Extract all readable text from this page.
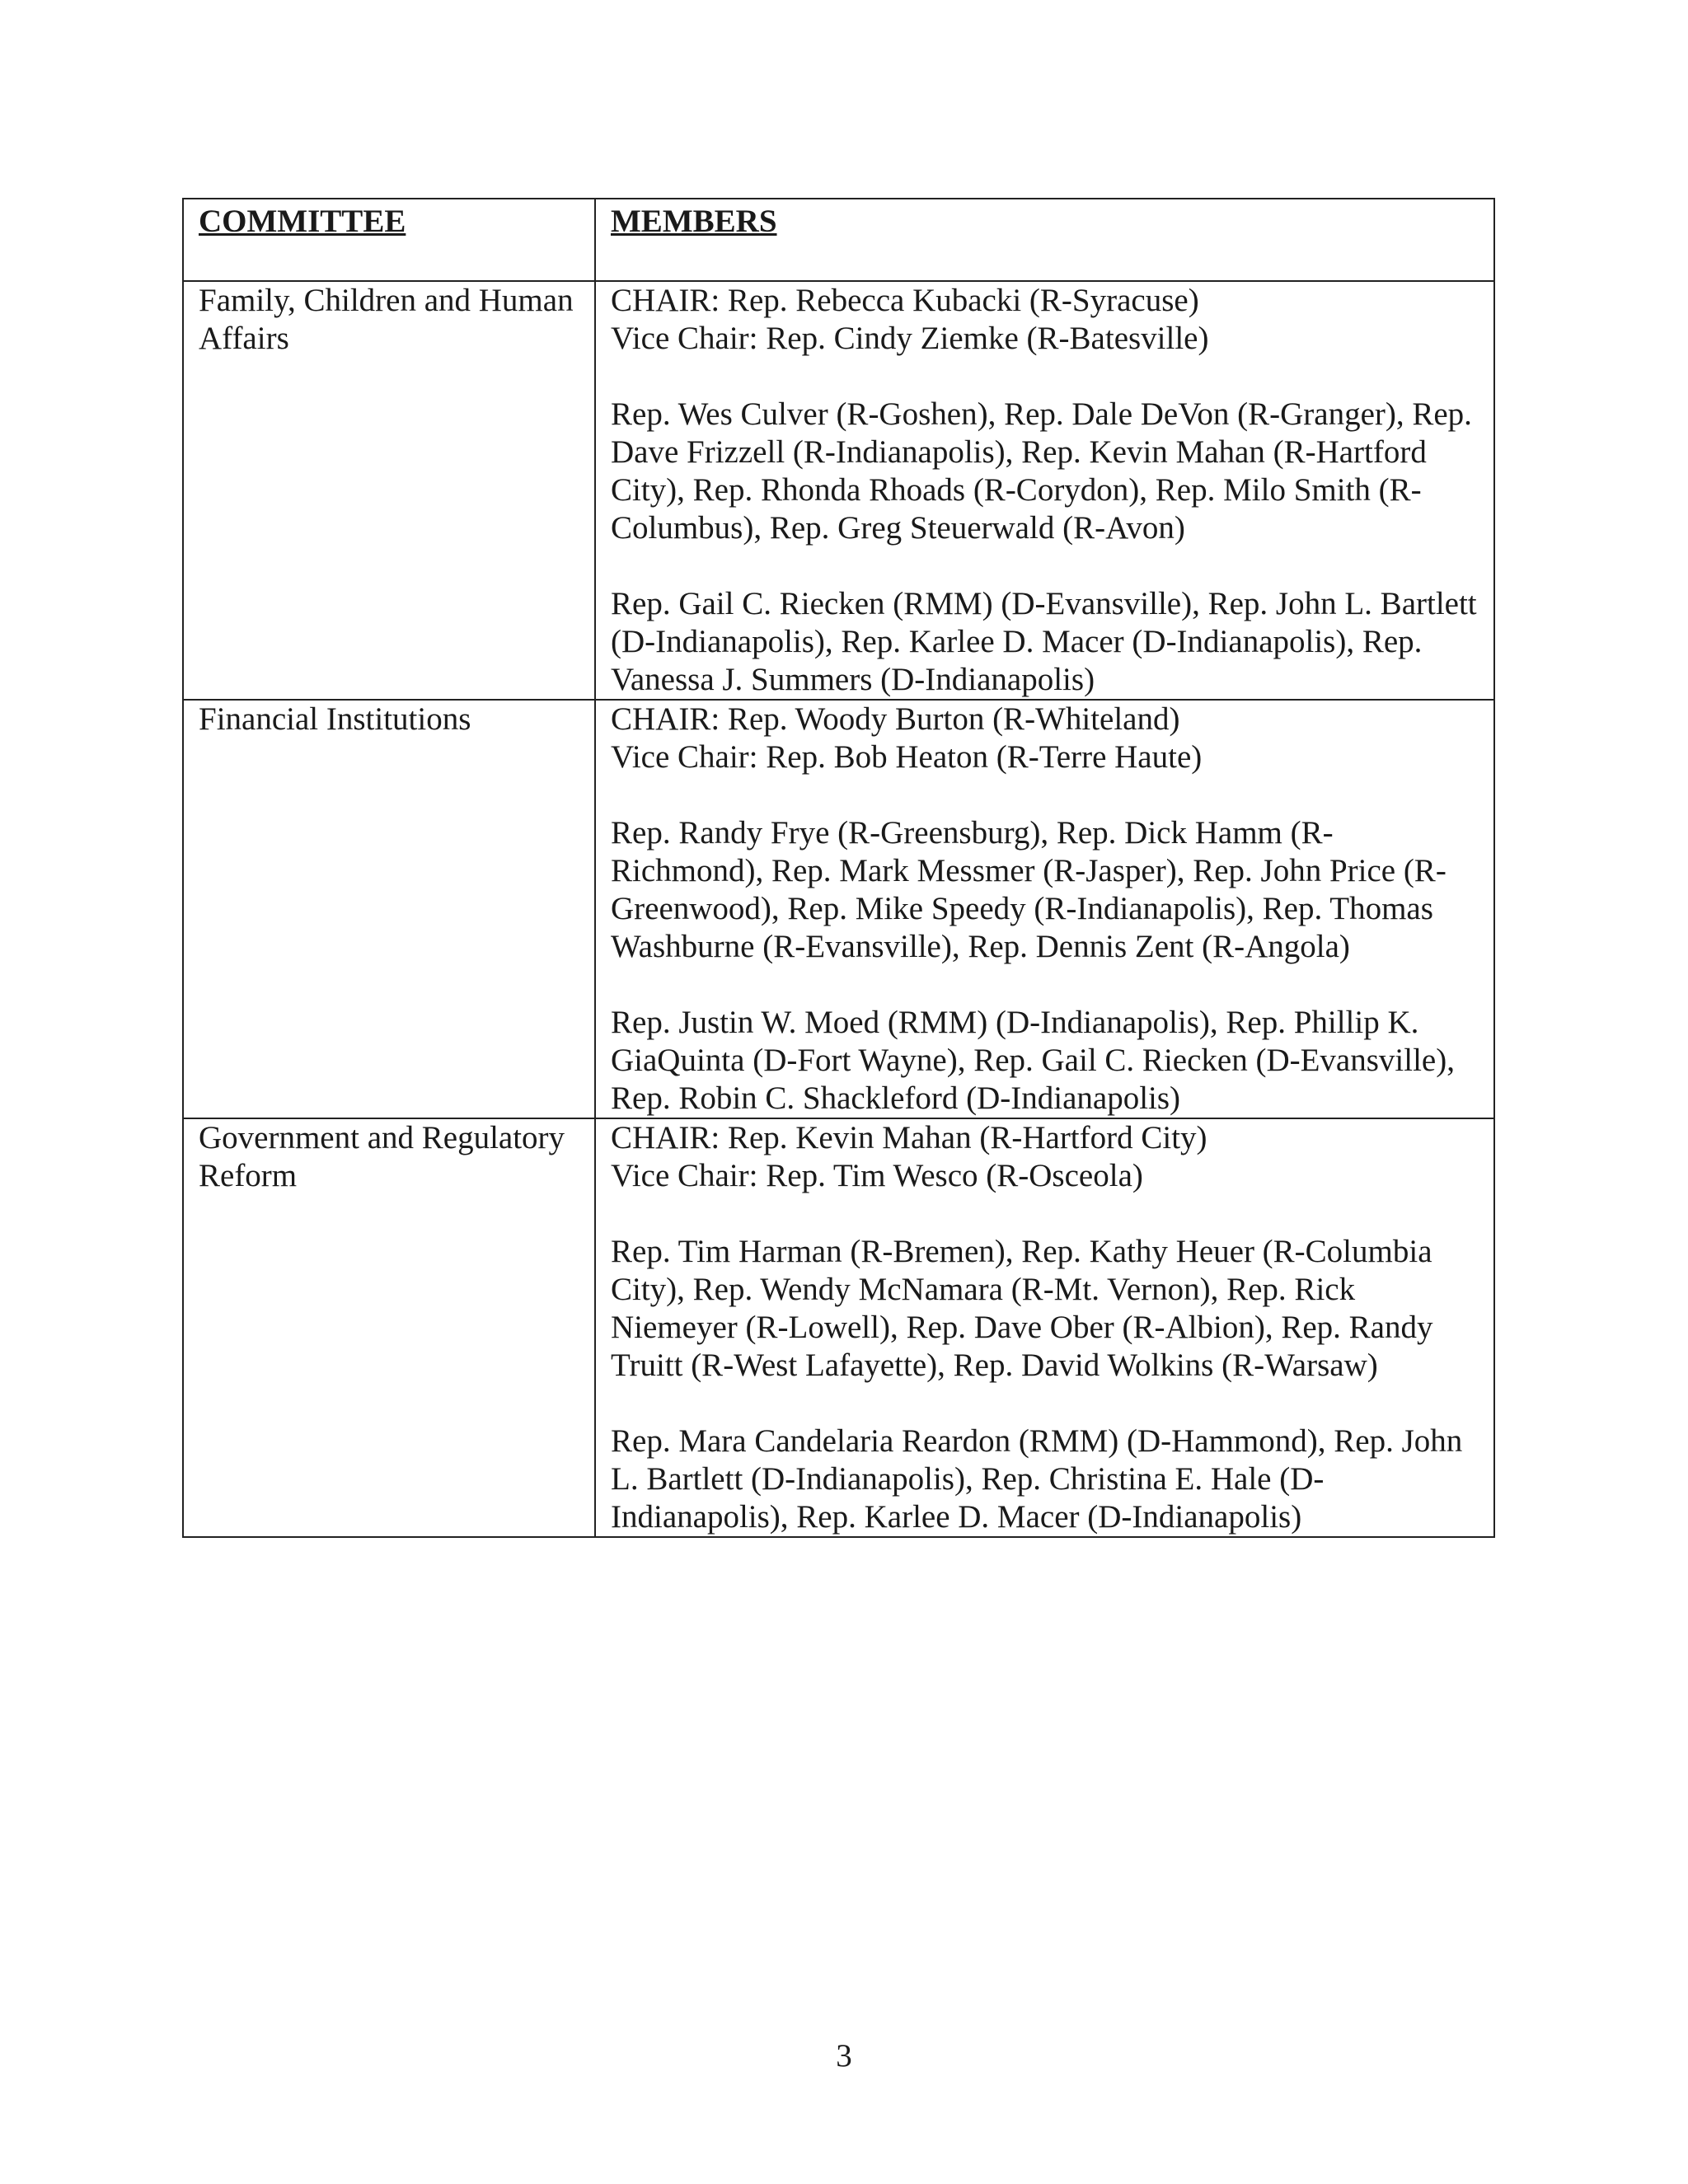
COMMITTEE	MEMBERS
Family, Children and Human Affairs	CHAIR: Rep. Rebecca Kubacki (R-Syracuse)

Vice Chair: Rep. Cindy Ziemke (R-Batesville)

Rep. Wes Culver (R-Goshen), Rep. Dale DeVon (R-Granger), Rep. Dave Frizzell (R-Indianapolis), Rep. Kevin Mahan (R-Hartford City), Rep. Rhonda Rhoads (R-Corydon), Rep. Milo Smith (R-Columbus), Rep. Greg Steuerwald (R-Avon)

Rep. Gail C. Riecken (RMM) (D-Evansville), Rep. John L. Bartlett (D-Indianapolis), Rep. Karlee D. Macer (D-Indianapolis), Rep. Vanessa J. Summers (D-Indianapolis)

Financial Institutions	CHAIR: Rep. Woody Burton (R-Whiteland)

Vice Chair: Rep. Bob Heaton (R-Terre Haute)

Rep. Randy Frye (R-Greensburg), Rep. Dick Hamm (R-Richmond), Rep. Mark Messmer (R-Jasper), Rep. John Price (R-Greenwood), Rep. Mike Speedy (R-Indianapolis), Rep. Thomas Washburne (R-Evansville), Rep. Dennis Zent (R-Angola)

Rep. Justin W. Moed (RMM) (D-Indianapolis), Rep. Phillip K. GiaQuinta (D-Fort Wayne), Rep. Gail C. Riecken (D-Evansville), Rep. Robin C. Shackleford (D-Indianapolis)

Government and Regulatory Reform	CHAIR: Rep. Kevin Mahan (R-Hartford City)

Vice Chair: Rep. Tim Wesco (R-Osceola)

Rep. Tim Harman (R-Bremen), Rep. Kathy Heuer (R-Columbia City), Rep. Wendy McNamara (R-Mt. Vernon), Rep. Rick Niemeyer (R-Lowell), Rep. Dave Ober (R-Albion), Rep. Randy Truitt (R-West Lafayette), Rep. David Wolkins (R-Warsaw)

Rep. Mara Candelaria Reardon (RMM) (D-Hammond), Rep. John L. Bartlett (D-Indianapolis), Rep. Christina E. Hale (D-Indianapolis), Rep. Karlee D. Macer (D-Indianapolis)

3
